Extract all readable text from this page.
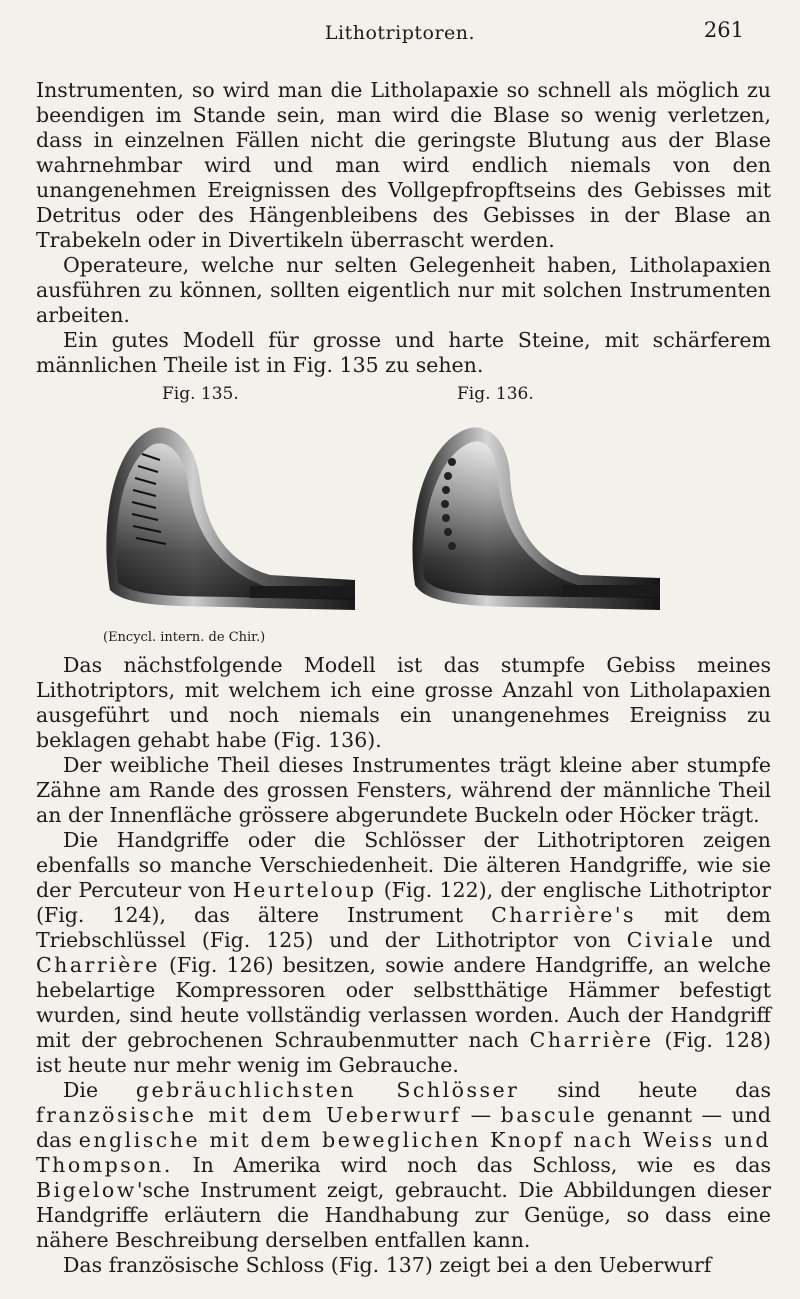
Lithotriptoren.	261

Instrumenten, so wird man die Litholapaxie so schnell als möglich zu beendigen im Stande sein, man wird die Blase so wenig verletzen, dass in einzelnen Fällen nicht die geringste Blutung aus der Blase wahrnehmbar wird und man wird endlich niemals von den unangenehmen Ereignissen des Vollgepfropftseins des Gebisses mit Detritus oder des Hängenbleibens des Gebisses in der Blase an Trabekeln oder in Divertikeln überrascht werden.

Operateure, welche nur selten Gelegenheit haben, Litholapaxien ausführen zu können, sollten eigentlich nur mit solchen Instrumenten arbeiten.

Ein gutes Modell für grosse und harte Steine, mit schärferem männlichen Theile ist in Fig. 135 zu sehen.

Fig. 135.	Fig. 136.
(Encycl. intern. de Chir.)

Das nächstfolgende Modell ist das stumpfe Gebiss meines Lithotriptors, mit welchem ich eine grosse Anzahl von Litholapaxien ausgeführt und noch niemals ein unangenehmes Ereigniss zu beklagen gehabt habe (Fig. 136).

Der weibliche Theil dieses Instrumentes trägt kleine aber stumpfe Zähne am Rande des grossen Fensters, während der männliche Theil an der Innenfläche grössere abgerundete Buckeln oder Höcker trägt.

Die Handgriffe oder die Schlösser der Lithotriptoren zeigen ebenfalls so manche Verschiedenheit. Die älteren Handgriffe, wie sie der Percuteur von Heurteloup (Fig. 122), der englische Lithotriptor (Fig. 124), das ältere Instrument Charrière's mit dem Triebschlüssel (Fig. 125) und der Lithotriptor von Civiale und Charrière (Fig. 126) besitzen, sowie andere Handgriffe, an welche hebelartige Kompressoren oder selbstthätige Hämmer befestigt wurden, sind heute vollständig verlassen worden. Auch der Handgriff mit der gebrochenen Schraubenmutter nach Charrière (Fig. 128) ist heute nur mehr wenig im Gebrauche.

Die gebräuchlichsten Schlösser sind heute das französische mit dem Ueberwurf — bascule genannt — und das englische mit dem beweglichen Knopf nach Weiss und Thompson. In Amerika wird noch das Schloss, wie es das Bigelow'sche Instrument zeigt, gebraucht. Die Abbildungen dieser Handgriffe erläutern die Handhabung zur Genüge, so dass eine nähere Beschreibung derselben entfallen kann.

Das französische Schloss (Fig. 137) zeigt bei a den Ueberwurf
